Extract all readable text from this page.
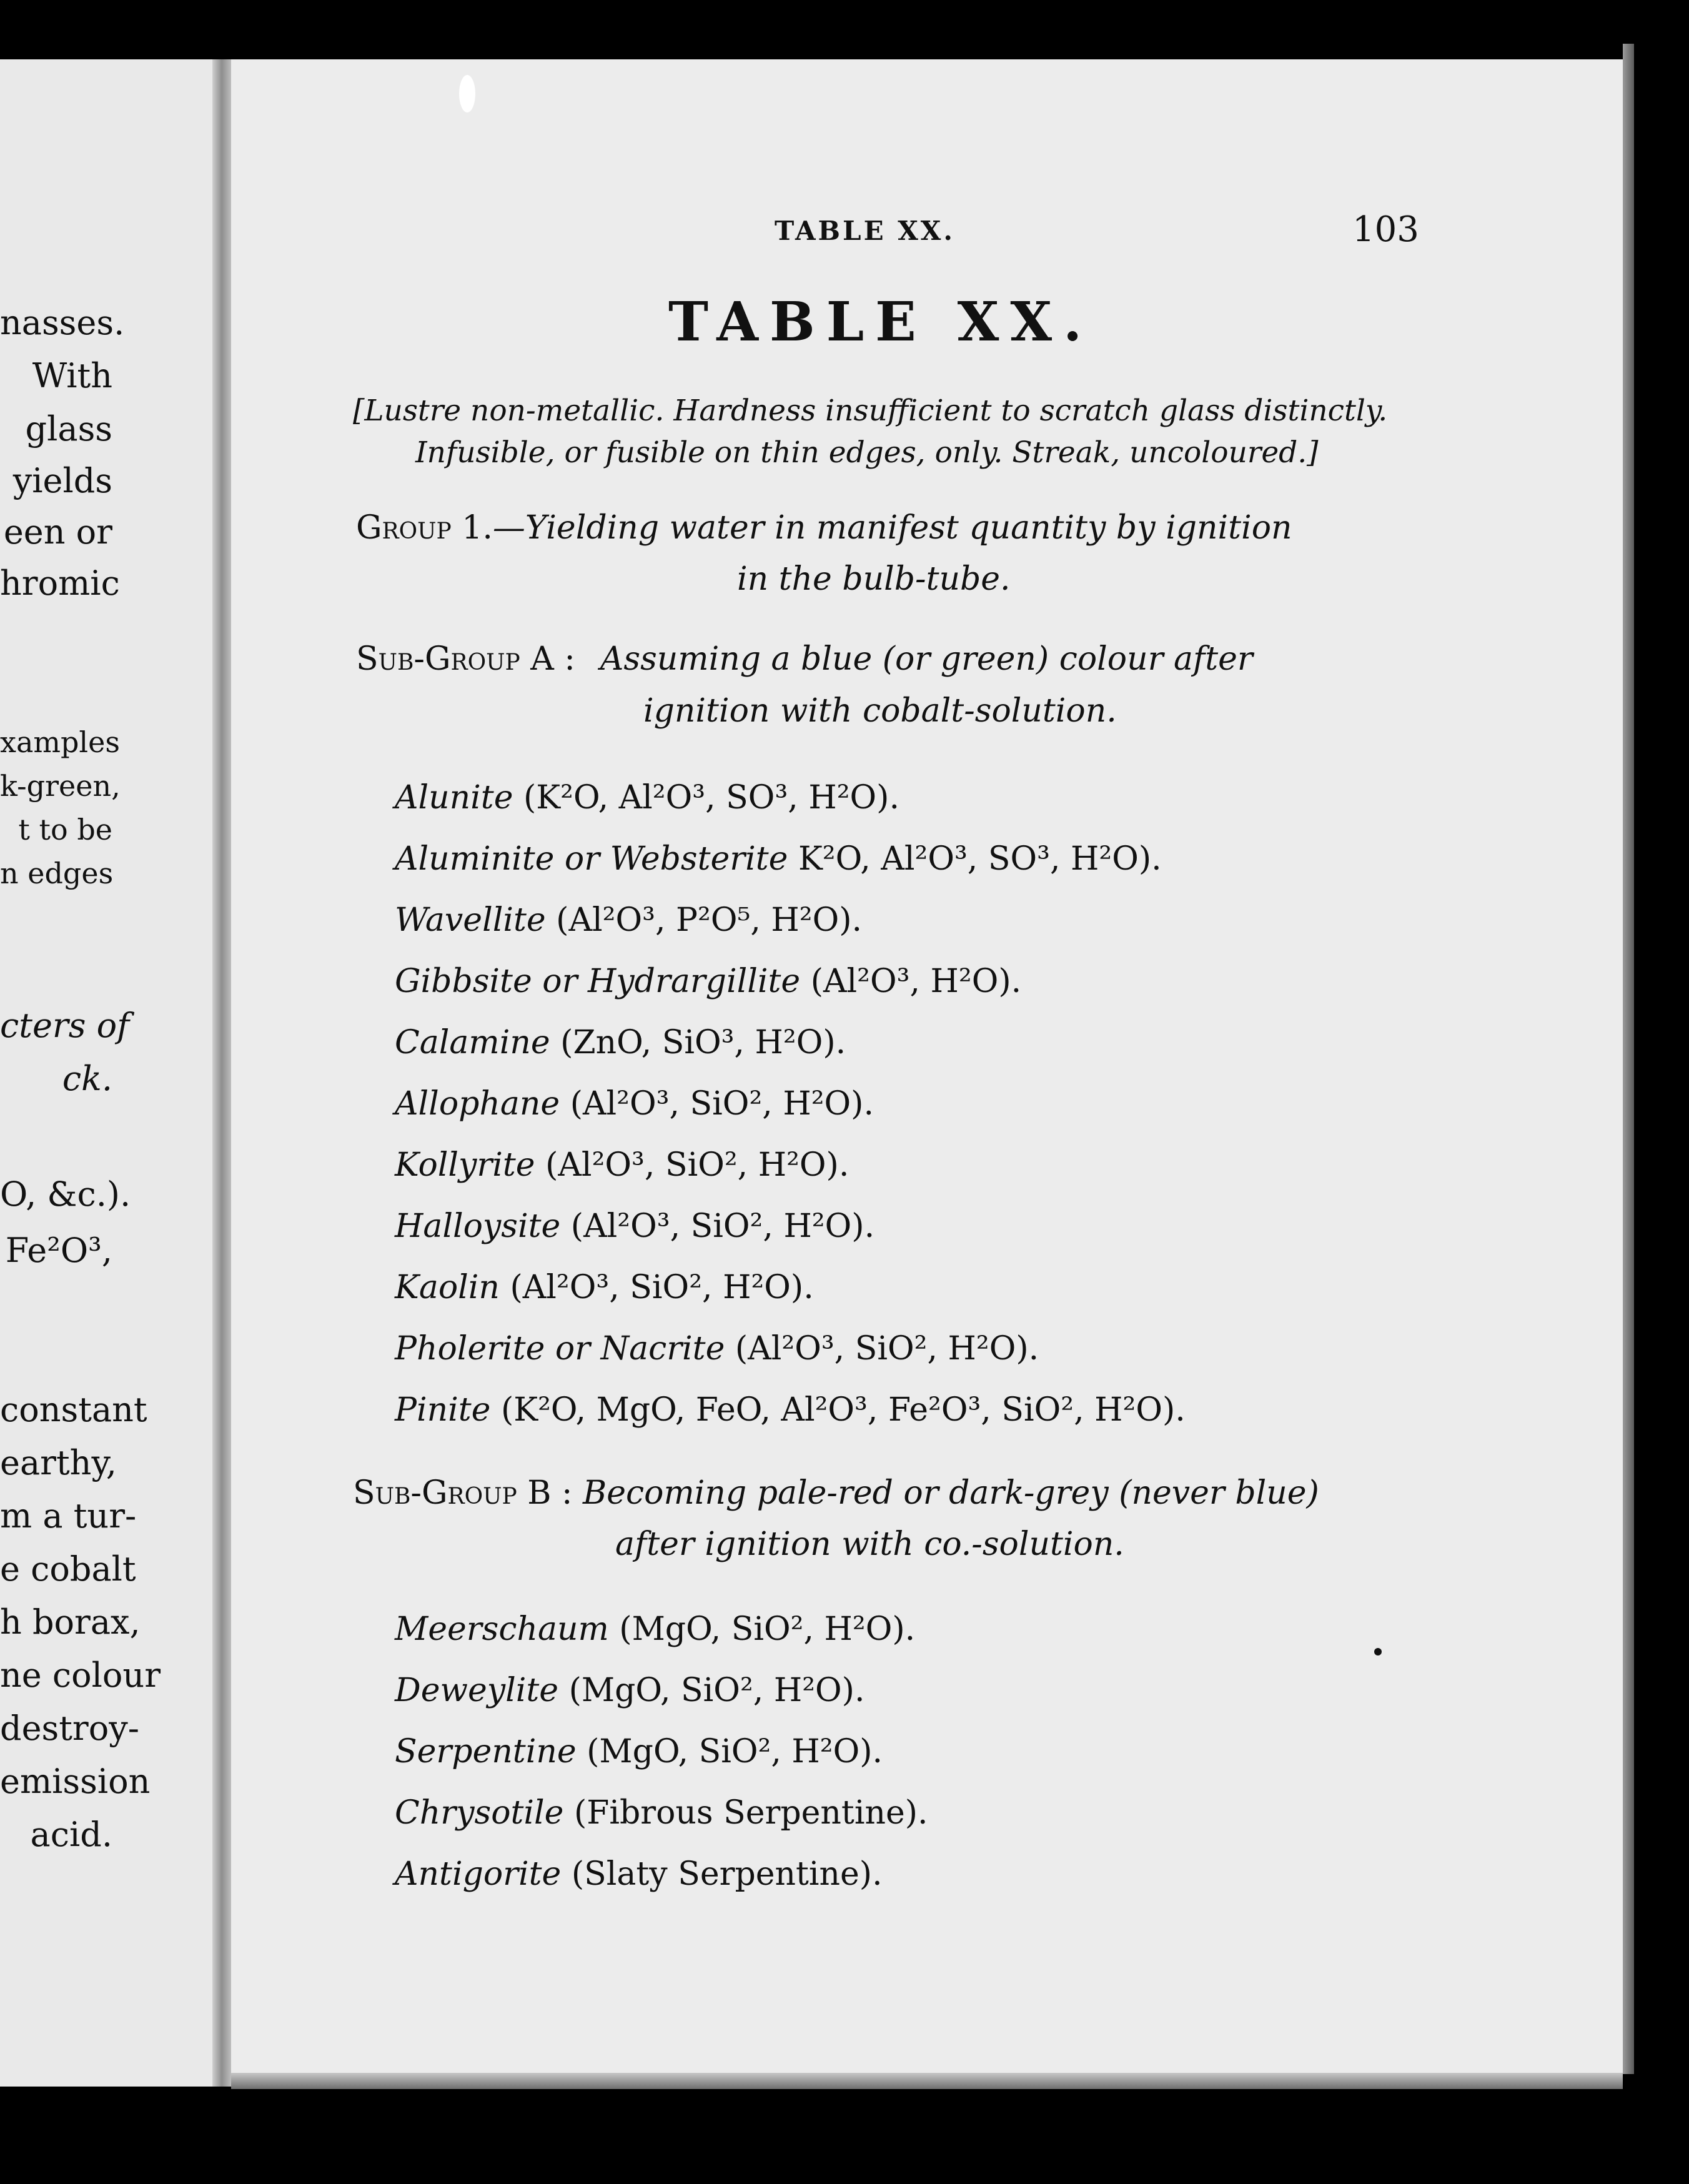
nasses.
With
glass
yields
een or
hromic
xamples
k-green,
t to be
n edges
cters of
ck.
O, &c.).
Fe²O³,
constant
earthy,
m a tur-
e cobalt
h borax,
ne colour
destroy-
emission
acid.
TABLE XX.	103
TABLE XX.
[Lustre non-metallic. Hardness insufficient to scratch glass distinctly.
Infusible, or fusible on thin edges, only. Streak, uncoloured.]
Group 1.—Yielding water in manifest quantity by ignition
in the bulb-tube.
Sub-Group A : Assuming a blue (or green) colour after
ignition with cobalt-solution.
Alunite (K²O, Al²O³, SO³, H²O).
Aluminite or Websterite K²O, Al²O³, SO³, H²O).
Wavellite (Al²O³, P²O⁵, H²O).
Gibbsite or Hydrargillite (Al²O³, H²O).
Calamine (ZnO, SiO³, H²O).
Allophane (Al²O³, SiO², H²O).
Kollyrite (Al²O³, SiO², H²O).
Halloysite (Al²O³, SiO², H²O).
Kaolin (Al²O³, SiO², H²O).
Pholerite or Nacrite (Al²O³, SiO², H²O).
Pinite (K²O, MgO, FeO, Al²O³, Fe²O³, SiO², H²O).
Sub-Group B : Becoming pale-red or dark-grey (never blue)
after ignition with co.-solution.
Meerschaum (MgO, SiO², H²O).
Deweylite (MgO, SiO², H²O).
Serpentine (MgO, SiO², H²O).
Chrysotile (Fibrous Serpentine).
Antigorite (Slaty Serpentine).
